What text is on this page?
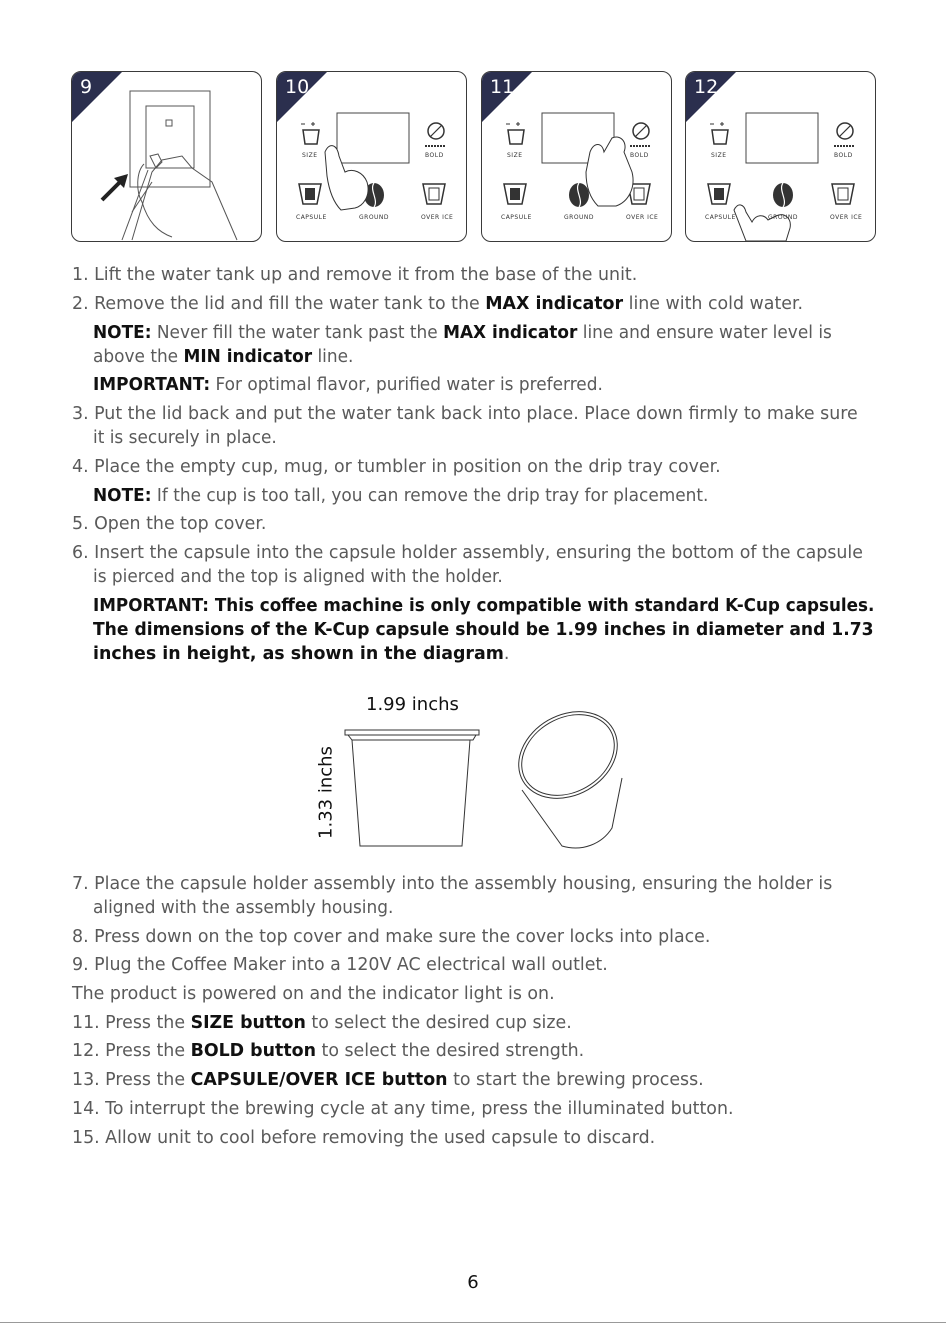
9	10
SIZE	BOLD
CAPSULE	GROUND	OVER ICE
11
SIZE	BOLD
CAPSULE	GROUND	OVER ICE
12
SIZE	BOLD
CAPSULE	GROUND	OVER ICE
1. Lift the water tank up and remove it from the base of the unit.
2. Remove the lid and fill the water tank to the MAX indicator line with cold water.
NOTE: Never fill the water tank past the MAX indicator line and ensure water level is
above the MIN indicator line.
IMPORTANT: For optimal flavor, purified water is preferred.
3. Put the lid back and put the water tank back into place. Place down firmly to make sure
it is securely in place.
4. Place the empty cup, mug, or tumbler in position on the drip tray cover.
NOTE: If the cup is too tall, you can remove the drip tray for placement.
5. Open the top cover.
6. Insert the capsule into the capsule holder assembly, ensuring the bottom of the capsule
is pierced and the top is aligned with the holder.
IMPORTANT: This coffee machine is only compatible with standard K-Cup capsules.
The dimensions of the K-Cup capsule should be 1.99 inches in diameter and 1.73
inches in height, as shown in the diagram.
1.99 inchs
1.33 inchs
7. Place the capsule holder assembly into the assembly housing, ensuring the holder is
aligned with the assembly housing.
8. Press down on the top cover and make sure the cover locks into place.
9. Plug the Coffee Maker into a 120V AC electrical wall outlet.
The product is powered on and the indicator light is on.
11. Press the SIZE button to select the desired cup size.
12. Press the BOLD button to select the desired strength.
13. Press the CAPSULE/OVER ICE button to start the brewing process.
14. To interrupt the brewing cycle at any time, press the illuminated button.
15. Allow unit to cool before removing the used capsule to discard.
6
